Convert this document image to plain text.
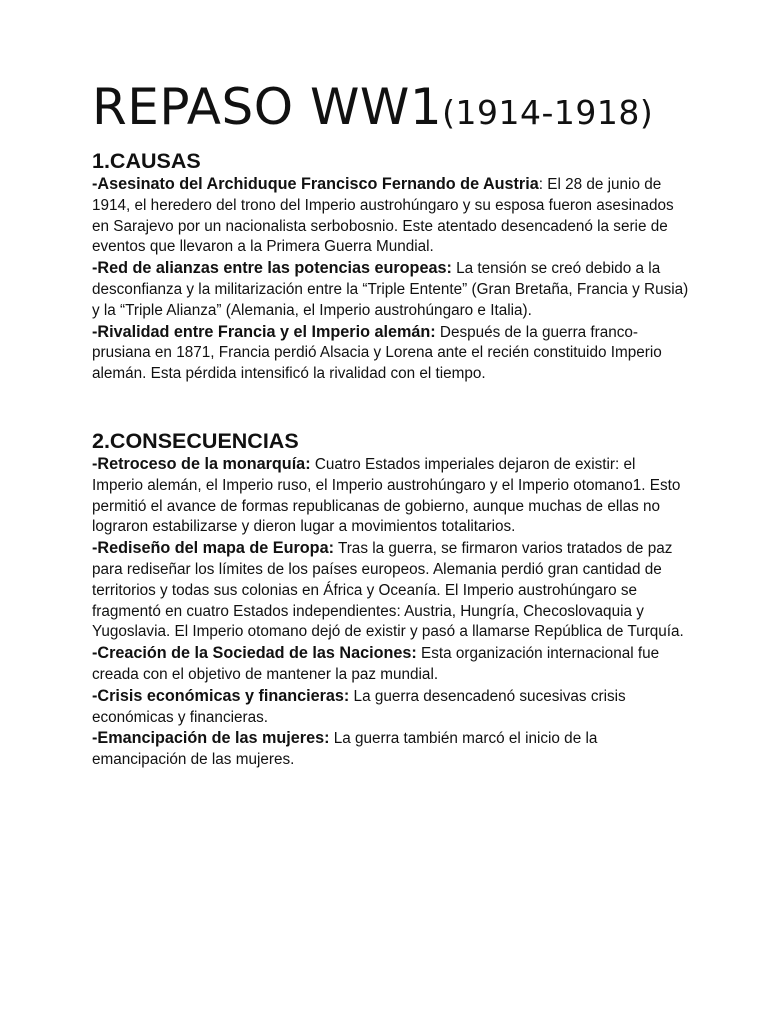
REPASO WW1(1914-1918)
1.CAUSAS

-Asesinato del Archiduque Francisco Fernando de Austria: El 28 de junio de 1914, el heredero del trono del Imperio austrohúngaro y su esposa fueron asesinados en Sarajevo por un nacionalista serbobosnio. Este atentado desencadenó la serie de eventos que llevaron a la Primera Guerra Mundial.

-Red de alianzas entre las potencias europeas: La tensión se creó debido a la desconfianza y la militarización entre la “Triple Entente” (Gran Bretaña, Francia y Rusia) y la “Triple Alianza” (Alemania, el Imperio austrohúngaro e Italia).

-Rivalidad entre Francia y el Imperio alemán: Después de la guerra franco-prusiana en 1871, Francia perdió Alsacia y Lorena ante el recién constituido Imperio alemán. Esta pérdida intensificó la rivalidad con el tiempo.

2.CONSECUENCIAS

-Retroceso de la monarquía: Cuatro Estados imperiales dejaron de existir: el Imperio alemán, el Imperio ruso, el Imperio austrohúngaro y el Imperio otomano1. Esto permitió el avance de formas republicanas de gobierno, aunque muchas de ellas no lograron estabilizarse y dieron lugar a movimientos totalitarios.

-Rediseño del mapa de Europa: Tras la guerra, se firmaron varios tratados de paz para rediseñar los límites de los países europeos. Alemania perdió gran cantidad de territorios y todas sus colonias en África y Oceanía. El Imperio austrohúngaro se fragmentó en cuatro Estados independientes: Austria, Hungría, Checoslovaquia y Yugoslavia. El Imperio otomano dejó de existir y pasó a llamarse República de Turquía.

-Creación de la Sociedad de las Naciones: Esta organización internacional fue creada con el objetivo de mantener la paz mundial.

-Crisis económicas y financieras: La guerra desencadenó sucesivas crisis económicas y financieras.

-Emancipación de las mujeres: La guerra también marcó el inicio de la emancipación de las mujeres.
